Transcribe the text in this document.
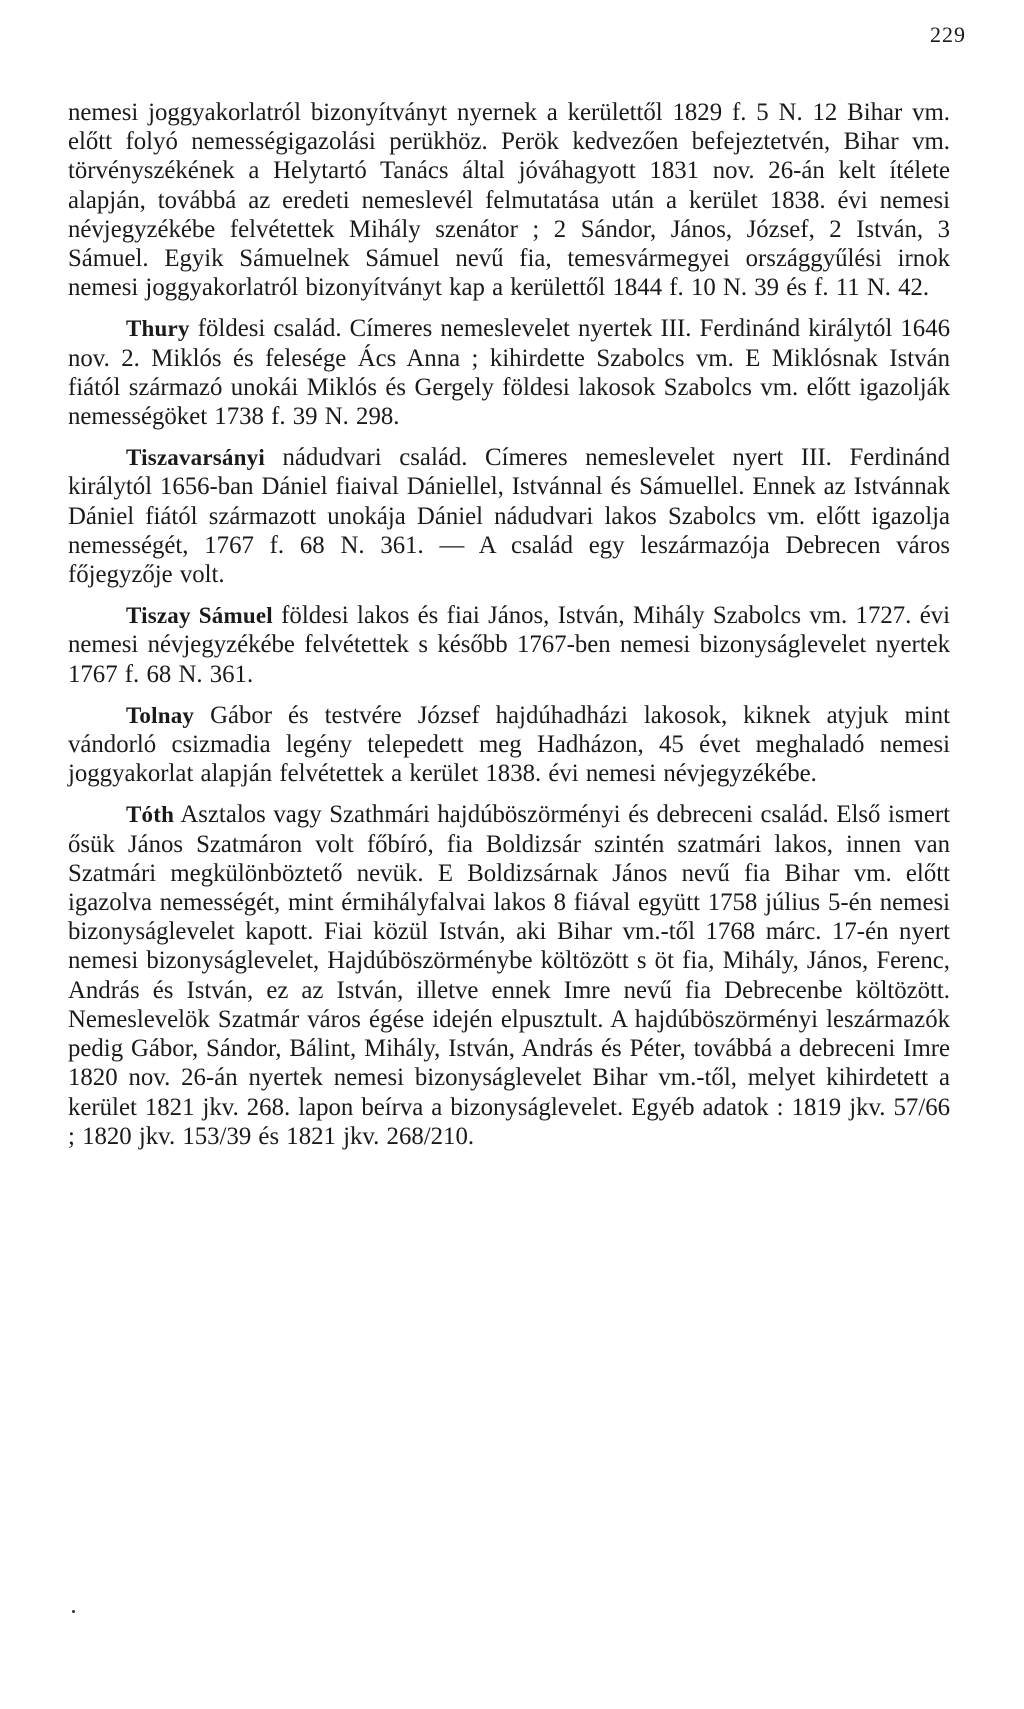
229

nemesi joggyakorlatról bizonyítványt nyernek a kerülettől 1829 f. 5 N. 12 Bihar vm. előtt folyó nemességigazolási perükhöz. Perök kedvezően befejeztetvén, Bihar vm. törvényszékének a Helytartó Tanács által jóváhagyott 1831 nov. 26-án kelt ítélete alapján, továbbá az eredeti nemeslevél felmutatása után a kerület 1838. évi nemesi névjegyzékébe felvétettek Mihály szenátor ; 2 Sándor, János, József, 2 István, 3 Sámuel. Egyik Sámuelnek Sámuel nevű fia, temesvármegyei országgyűlési irnok nemesi joggyakorlatról bizonyítványt kap a kerülettől 1844 f. 10 N. 39 és f. 11 N. 42.

Thury földesi család. Címeres nemeslevelet nyertek III. Ferdinánd királytól 1646 nov. 2. Miklós és felesége Ács Anna ; kihirdette Szabolcs vm. E Miklósnak István fiától származó unokái Miklós és Gergely földesi lakosok Szabolcs vm. előtt igazolják nemességöket 1738 f. 39 N. 298.

Tiszavarsányi nádudvari család. Címeres nemeslevelet nyert III. Ferdinánd királytól 1656-ban Dániel fiaival Dániellel, Istvánnal és Sámuellel. Ennek az Istvánnak Dániel fiától származott unokája Dániel nádudvari lakos Szabolcs vm. előtt igazolja nemességét, 1767 f. 68 N. 361. — A család egy leszármazója Debrecen város főjegyzője volt.

Tiszay Sámuel földesi lakos és fiai János, István, Mihály Szabolcs vm. 1727. évi nemesi névjegyzékébe felvétettek s később 1767-ben nemesi bizonyságlevelet nyertek 1767 f. 68 N. 361.

Tolnay Gábor és testvére József hajdúhadházi lakosok, kiknek atyjuk mint vándorló csizmadia legény telepedett meg Hadházon, 45 évet meghaladó nemesi joggyakorlat alapján felvétettek a kerület 1838. évi nemesi névjegyzékébe.

Tóth Asztalos vagy Szathmári hajdúböszörményi és debreceni család. Első ismert ősük János Szatmáron volt főbíró, fia Boldizsár szintén szatmári lakos, innen van Szatmári megkülönböztető nevük. E Boldizsárnak János nevű fia Bihar vm. előtt igazolva nemességét, mint érmihályfalvai lakos 8 fiával együtt 1758 július 5-én nemesi bizonyságlevelet kapott. Fiai közül István, aki Bihar vm.-től 1768 márc. 17-én nyert nemesi bizonyságlevelet, Hajdúböszörménybe költözött s öt fia, Mihály, János, Ferenc, András és István, ez az István, illetve ennek Imre nevű fia Debrecenbe költözött. Nemeslevelök Szatmár város égése idején elpusztult. A hajdúböszörményi leszármazók pedig Gábor, Sándor, Bálint, Mihály, István, András és Péter, továbbá a debreceni Imre 1820 nov. 26-án nyertek nemesi bizonyságlevelet Bihar vm.-től, melyet kihirdetett a kerület 1821 jkv. 268. lapon beírva a bizonyságlevelet. Egyéb adatok : 1819 jkv. 57/66 ; 1820 jkv. 153/39 és 1821 jkv. 268/210.
